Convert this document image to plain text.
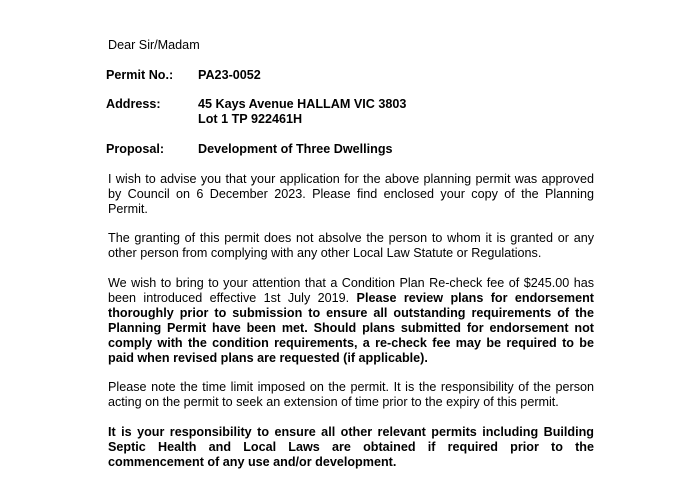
Dear Sir/Madam
Permit No.: PA23-0052
Address:	45 Kays Avenue HALLAM VIC 3803
Lot 1 TP 922461H
Proposal:	Development of Three Dwellings

I wish to advise you that your application for the above planning permit was approved by Council on 6 December 2023. Please find enclosed your copy of the Planning Permit.

The granting of this permit does not absolve the person to whom it is granted or any other person from complying with any other Local Law Statute or Regulations.

We wish to bring to your attention that a Condition Plan Re-check fee of $245.00 has been introduced effective 1st July 2019. Please review plans for endorsement thoroughly prior to submission to ensure all outstanding requirements of the Planning Permit have been met. Should plans submitted for endorsement not comply with the condition requirements, a re-check fee may be required to be paid when revised plans are requested (if applicable).

Please note the time limit imposed on the permit. It is the responsibility of the person acting on the permit to seek an extension of time prior to the expiry of this permit.

It is your responsibility to ensure all other relevant permits including Building Septic Health and Local Laws are obtained if required prior to the commencement of any use and/or development.
